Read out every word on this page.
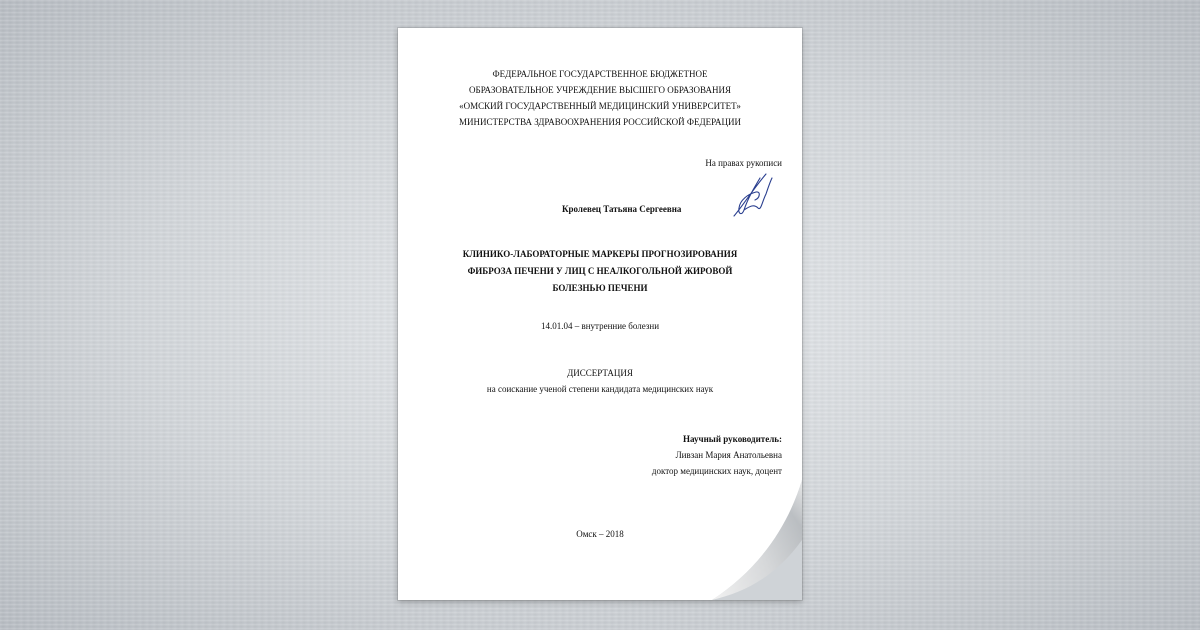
ФЕДЕРАЛЬНОЕ ГОСУДАРСТВЕННОЕ БЮДЖЕТНОЕ
ОБРАЗОВАТЕЛЬНОЕ УЧРЕЖДЕНИЕ ВЫСШЕГО ОБРАЗОВАНИЯ
«ОМСКИЙ ГОСУДАРСТВЕННЫЙ МЕДИЦИНСКИЙ УНИВЕРСИТЕТ»
МИНИСТЕРСТВА ЗДРАВООХРАНЕНИЯ РОССИЙСКОЙ ФЕДЕРАЦИИ
На правах рукописи
Кролевец Татьяна Сергеевна
КЛИНИКО-ЛАБОРАТОРНЫЕ МАРКЕРЫ ПРОГНОЗИРОВАНИЯ
ФИБРОЗА ПЕЧЕНИ У ЛИЦ С НЕАЛКОГОЛЬНОЙ ЖИРОВОЙ
БОЛЕЗНЬЮ ПЕЧЕНИ
14.01.04 – внутренние болезни
ДИССЕРТАЦИЯ
на соискание ученой степени кандидата медицинских наук
Научный руководитель:
Ливзан Мария Анатольевна
доктор медицинских наук, доцент
Омск – 2018
